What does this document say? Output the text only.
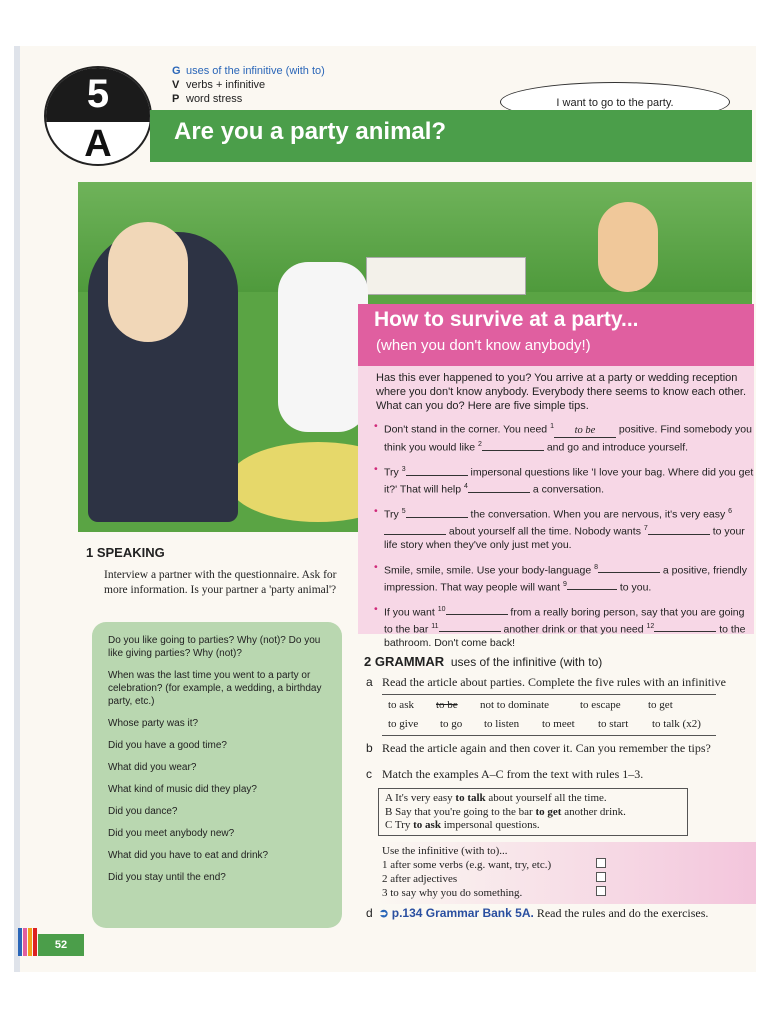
5
A
G uses of the infinitive (with to)
V verbs + infinitive
P word stress	I want to go to the party.
Are you a party animal?
How to survive at a party...
(when you don't know anybody!)
Has this ever happened to you? You arrive at a party or wedding reception where you don't know anybody. Everybody there seems to know each other. What can you do? Here are five simple tips.
• Don't stand in the corner. You need $^1$ to be positive. Find somebody you think you would like $^2$	and go and introduce yourself.
• Try $^3$	impersonal questions like 'I love your bag. Where did you get it?' That will help $^4$	a conversation.
• Try $^5$	the conversation. When you are nervous, it's very easy $^6$ about yourself all the time. Nobody wants $^7$	to your life story when they've only just met you.
• Smile, smile, smile. Use your body-language $^8$	a positive, friendly impression. That way people will want $^9$	to you.
• If you want $^{10}$	from a really boring person, say that you are going to the bar $^{11}$	another drink or that you need $^{12}$	to the bathroom. Don't come back!
1 SPEAKING
Interview a partner with the questionnaire. Ask for more information. Is your partner a 'party animal'?

Do you like going to parties? Why (not)? Do you like giving parties? Why (not)?

When was the last time you went to a party or celebration? (for example, a wedding, a birthday party, etc.)

Whose party was it?

Did you have a good time?

What did you wear?

What kind of music did they play?

Did you dance?

Did you meet anybody new?

What did you have to eat and drink?

Did you stay until the end?

2 GRAMMAR uses of the infinitive (with to)
a Read the article about parties. Complete the five rules with an infinitive
to ask to be not to dominate	to escape to get
to give to go to listen to meet to start to talk (x2)
b Read the article again and then cover it. Can you remember the tips?
c Match the examples A–C from the text with rules 1–3.
A It's very easy to talk about yourself all the time.
B Say that you're going to the bar to get another drink.
C Try to ask impersonal questions.
Use the infinitive (with to)...
1 after some verbs (e.g. want, try, etc.)
2 after adjectives
3 to say why you do something.
d ➲ p.134 Grammar Bank 5A. Read the rules and do the exercises.
52
